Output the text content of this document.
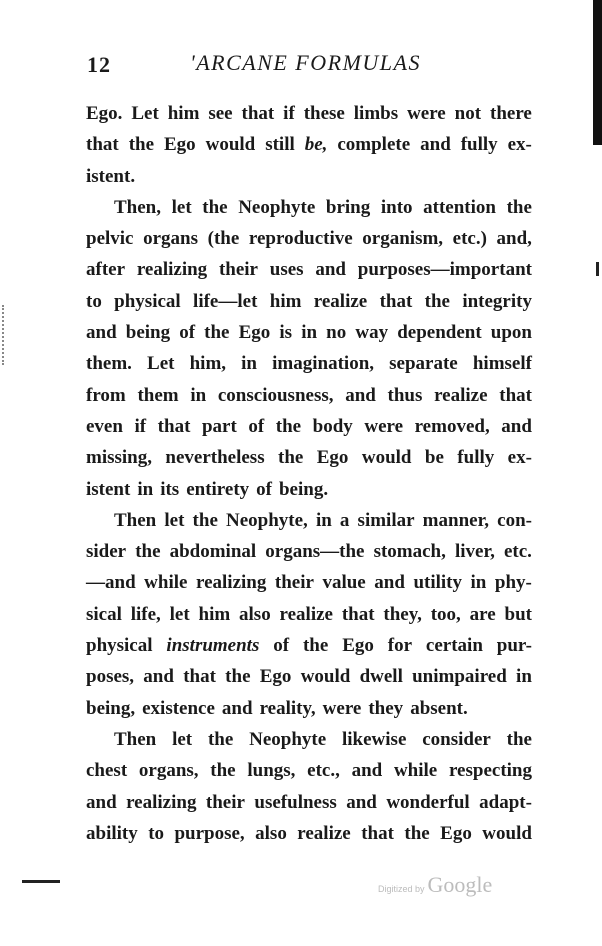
12	'ARCANE FORMULAS
Ego. Let him see that if these limbs were not there
that the Ego would still be, complete and fully ex-
istent.
Then, let the Neophyte bring into attention the
pelvic organs (the reproductive organism, etc.) and,
after realizing their uses and purposes—important
to physical life—let him realize that the integrity
and being of the Ego is in no way dependent upon
them. Let him, in imagination, separate himself
from them in consciousness, and thus realize that
even if that part of the body were removed, and
missing, nevertheless the Ego would be fully ex-
istent in its entirety of being.
Then let the Neophyte, in a similar manner, con-
sider the abdominal organs—the stomach, liver, etc.
—and while realizing their value and utility in phy-
sical life, let him also realize that they, too, are but
physical instruments of the Ego for certain pur-
poses, and that the Ego would dwell unimpaired in
being, existence and reality, were they absent.
Then let the Neophyte likewise consider the
chest organs, the lungs, etc., and while respecting
and realizing their usefulness and wonderful adapt-
ability to purpose, also realize that the Ego would
Digitized by Google
